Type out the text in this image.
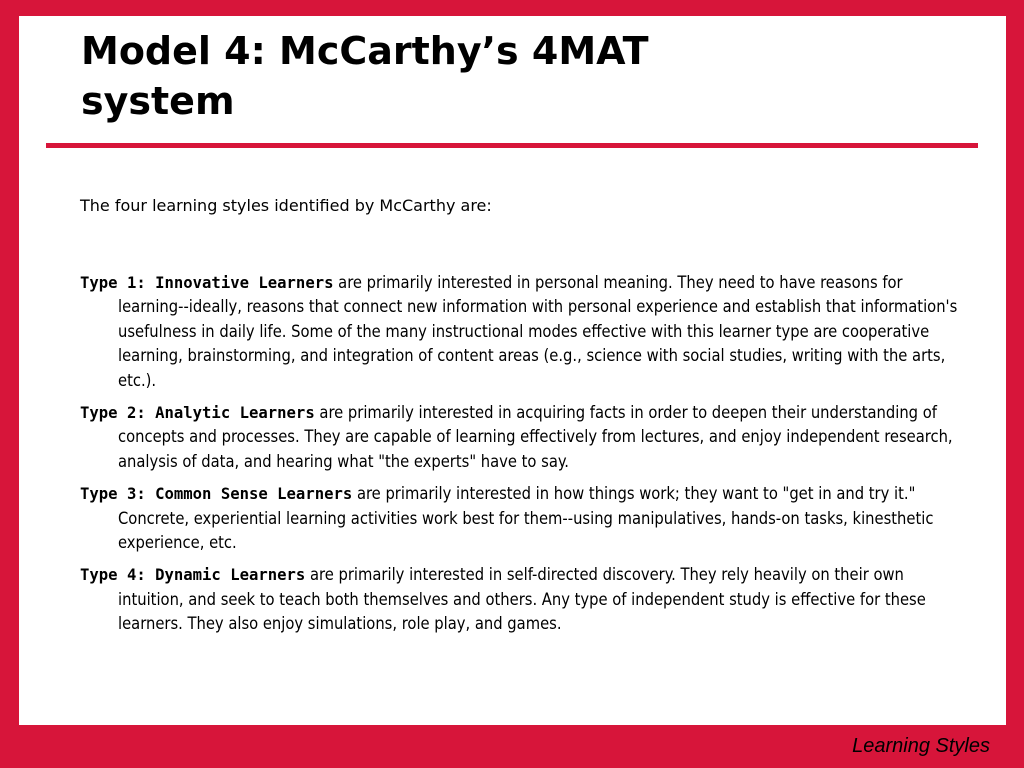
Model 4: McCarthy’s 4MAT system

The four learning styles identified by McCarthy are:

Type 1: Innovative Learners are primarily interested in personal meaning. They need to have reasons for learning--ideally, reasons that connect new information with personal experience and establish that information's usefulness in daily life. Some of the many instructional modes effective with this learner type are cooperative learning, brainstorming, and integration of content areas (e.g., science with social studies, writing with the arts, etc.).
Type 2: Analytic Learners are primarily interested in acquiring facts in order to deepen their understanding of concepts and processes. They are capable of learning effectively from lectures, and enjoy independent research, analysis of data, and hearing what "the experts" have to say.
Type 3: Common Sense Learners are primarily interested in how things work; they want to "get in and try it." Concrete, experiential learning activities work best for them--using manipulatives, hands-on tasks, kinesthetic experience, etc.
Type 4: Dynamic Learners are primarily interested in self-directed discovery. They rely heavily on their own intuition, and seek to teach both themselves and others. Any type of independent study is effective for these learners. They also enjoy simulations, role play, and games.

Learning Styles
